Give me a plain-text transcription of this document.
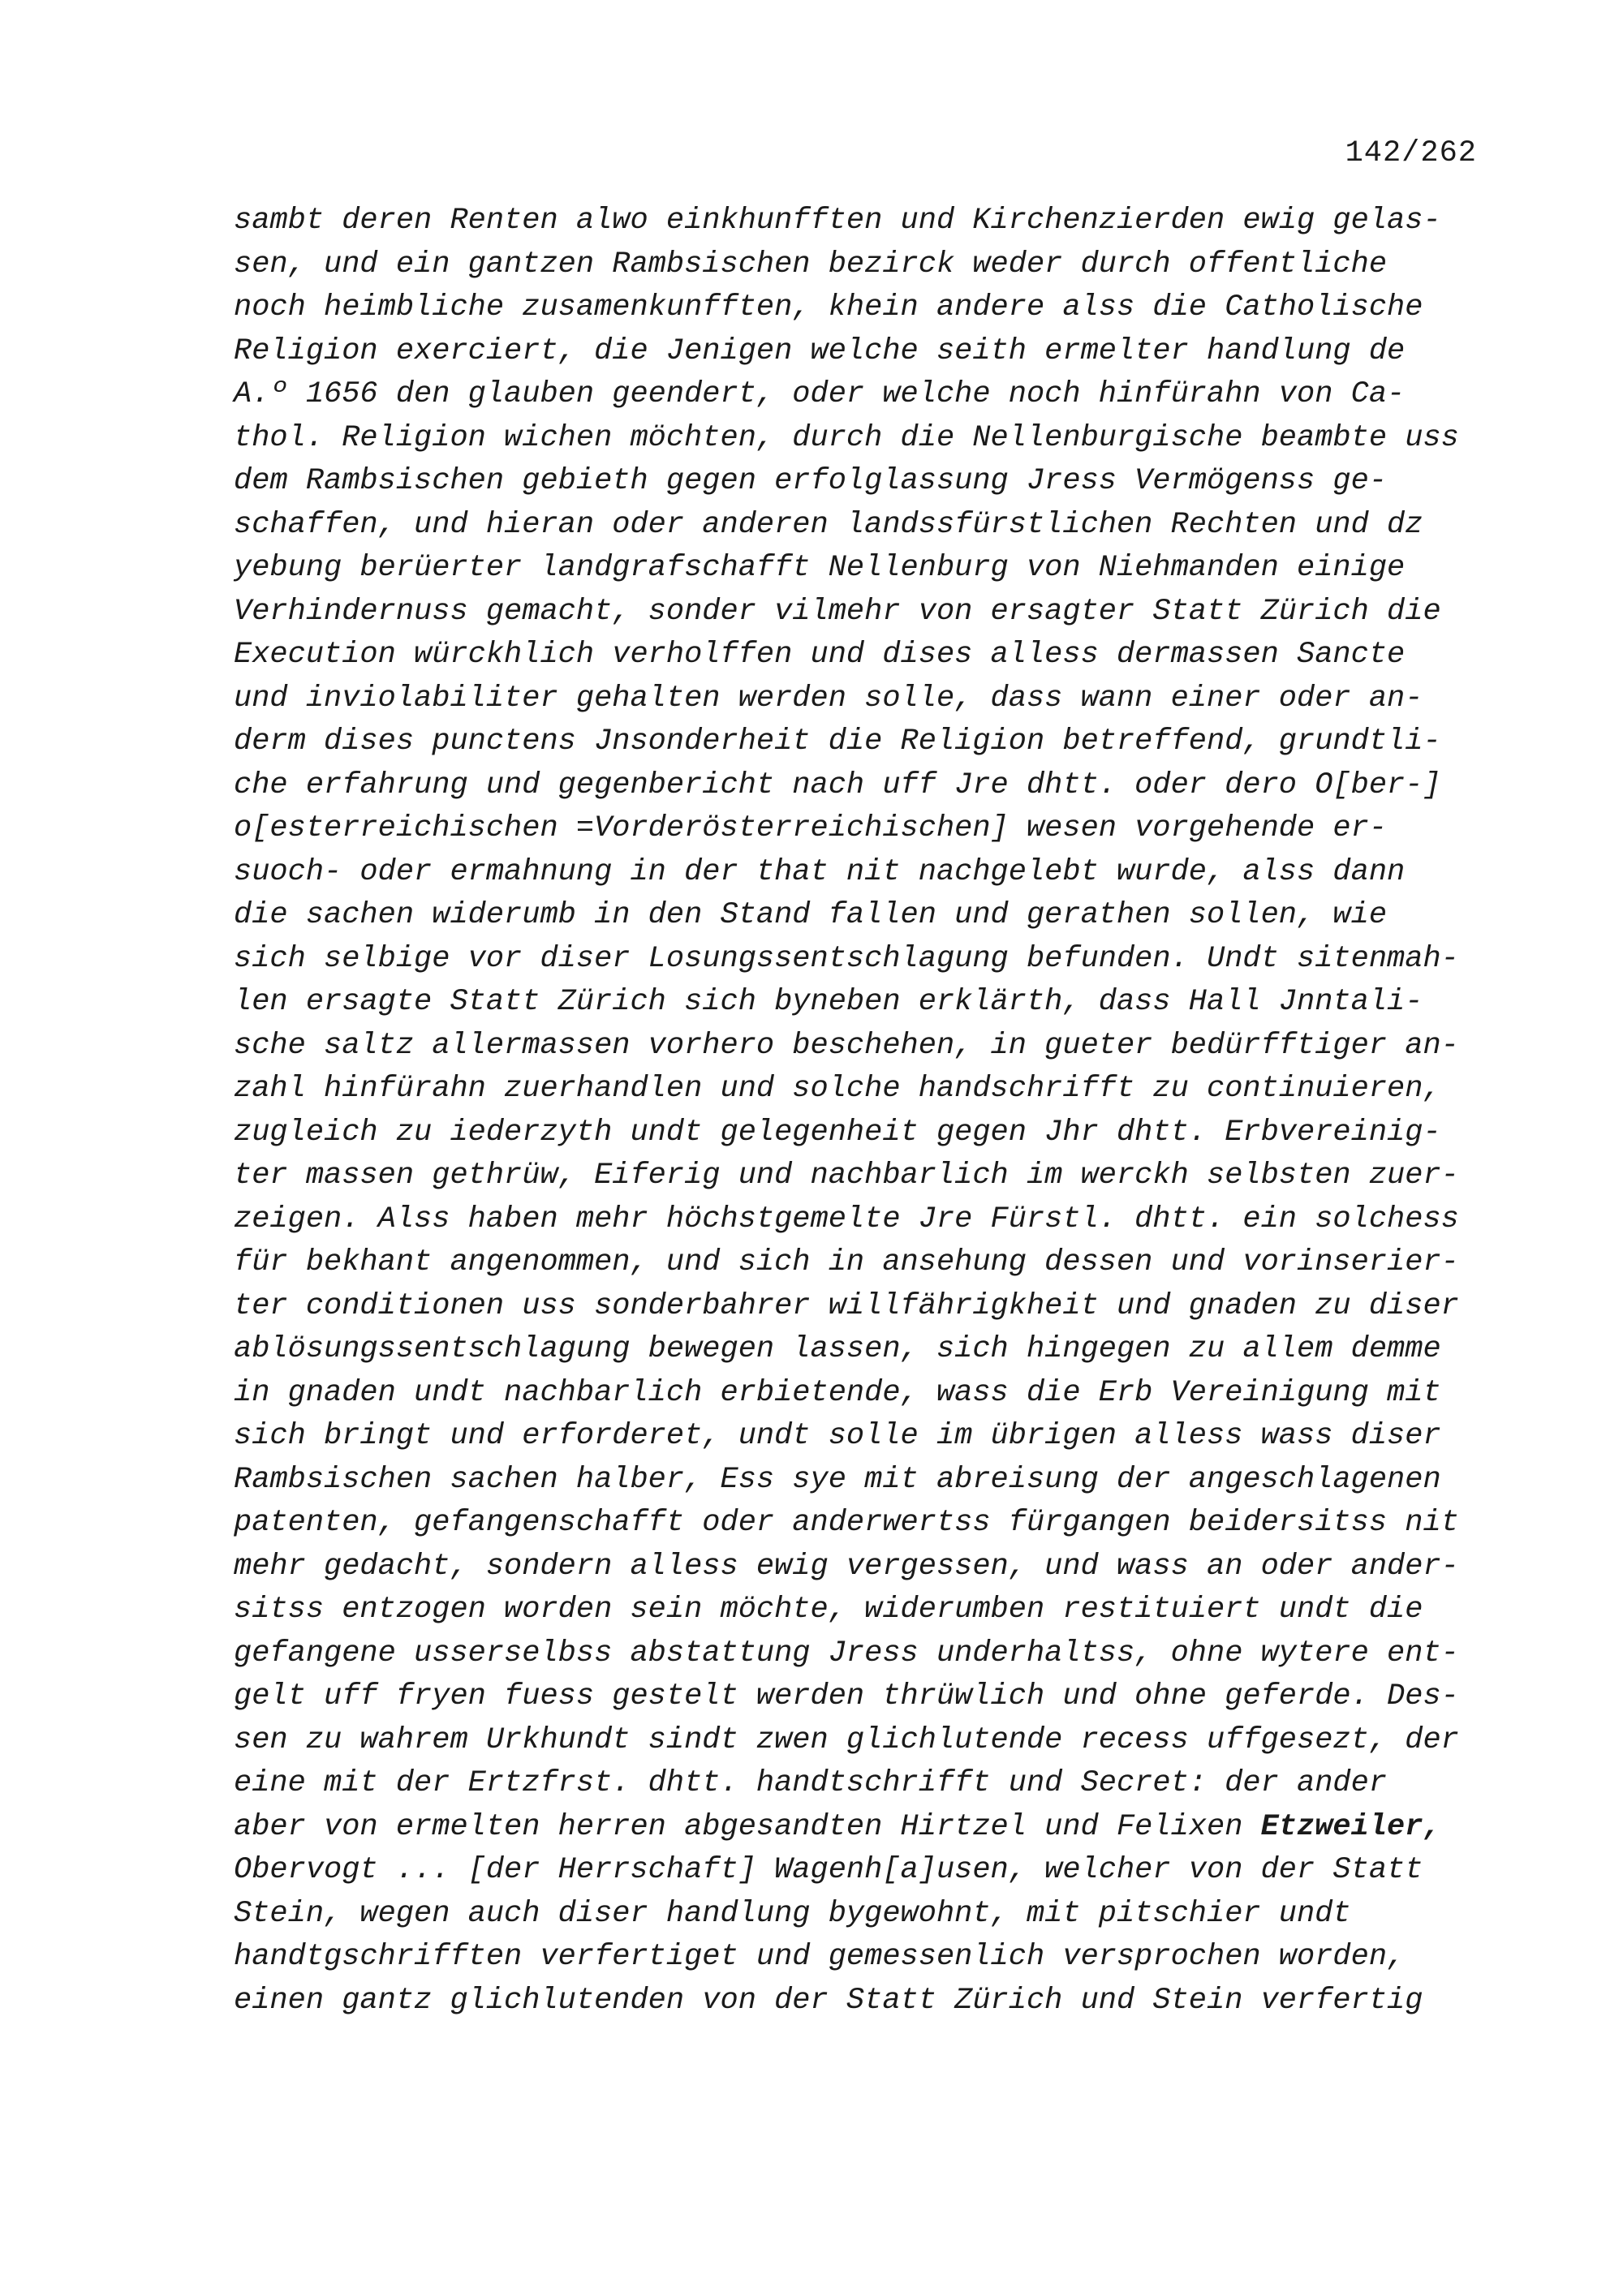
142/262
sambt deren Renten alwo einkhunfften und Kirchenzierden ewig gelas-
sen, und ein gantzen Rambsischen bezirck weder durch offentliche
noch heimbliche zusamenkunfften, khein andere alss die Catholische
Religion exerciert, die Jenigen welche seith ermelter handlung de
A.º 1656 den glauben geendert, oder welche noch hinfürahn von Ca-
thol. Religion wichen möchten, durch die Nellenburgische beambte uss
dem Rambsischen gebieth gegen erfolglassung Jress Vermögenss ge-
schaffen, und hieran oder anderen landssfürstlichen Rechten und dz
yebung berüerter landgrafschafft Nellenburg von Niehmanden einige
Verhindernuss gemacht, sonder vilmehr von ersagter Statt Zürich die
Execution würckhlich verholffen und dises alless dermassen Sancte
und inviolabiliter gehalten werden solle, dass wann einer oder an-
derm dises punctens Jnsonderheit die Religion betreffend, grundtli-
che erfahrung und gegenbericht nach uff Jre dhtt. oder dero O[ber-]
o[esterreichischen =Vorderösterreichischen] wesen vorgehende er-
suoch- oder ermahnung in der that nit nachgelebt wurde, alss dann
die sachen widerumb in den Stand fallen und gerathen sollen, wie
sich selbige vor diser Losungssentschlagung befunden. Undt sitenmah-
len ersagte Statt Zürich sich byneben erklärth, dass Hall Jnntali-
sche saltz allermassen vorhero beschehen, in gueter bedürfftiger an-
zahl hinfürahn zuerhandlen und solche handschrifft zu continuieren,
zugleich zu iederzyth undt gelegenheit gegen Jhr dhtt. Erbvereinig-
ter massen gethrüw, Eiferig und nachbarlich im werckh selbsten zuer-
zeigen. Alss haben mehr höchstgemelte Jre Fürstl. dhtt. ein solchess
für bekhant angenommen, und sich in ansehung dessen und vorinserier-
ter conditionen uss sonderbahrer willfährigkheit und gnaden zu diser
ablösungssentschlagung bewegen lassen, sich hingegen zu allem demme
in gnaden undt nachbarlich erbietende, wass die Erb Vereinigung mit
sich bringt und erforderet, undt solle im übrigen alless wass diser
Rambsischen sachen halber, Ess sye mit abreisung der angeschlagenen
patenten, gefangenschafft oder anderwertss fürgangen beidersitss nit
mehr gedacht, sondern alless ewig vergessen, und wass an oder ander-
sitss entzogen worden sein möchte, widerumben restituiert undt die
gefangene usserselbss abstattung Jress underhaltss, ohne wytere ent-
gelt uff fryen fuess gestelt werden thrüwlich und ohne geferde. Des-
sen zu wahrem Urkhundt sindt zwen glichlutende recess uffgesezt, der
eine mit der Ertzfrst. dhtt. handtschrifft und Secret: der ander
aber von ermelten herren abgesandten Hirtzel und Felixen Etzweiler,
Obervogt ... [der Herrschaft] Wagenh[a]usen, welcher von der Statt
Stein, wegen auch diser handlung bygewohnt, mit pitschier undt
handtgschrifften verfertiget und gemessenlich versprochen worden,
einen gantz glichlutenden von der Statt Zürich und Stein verfertig
